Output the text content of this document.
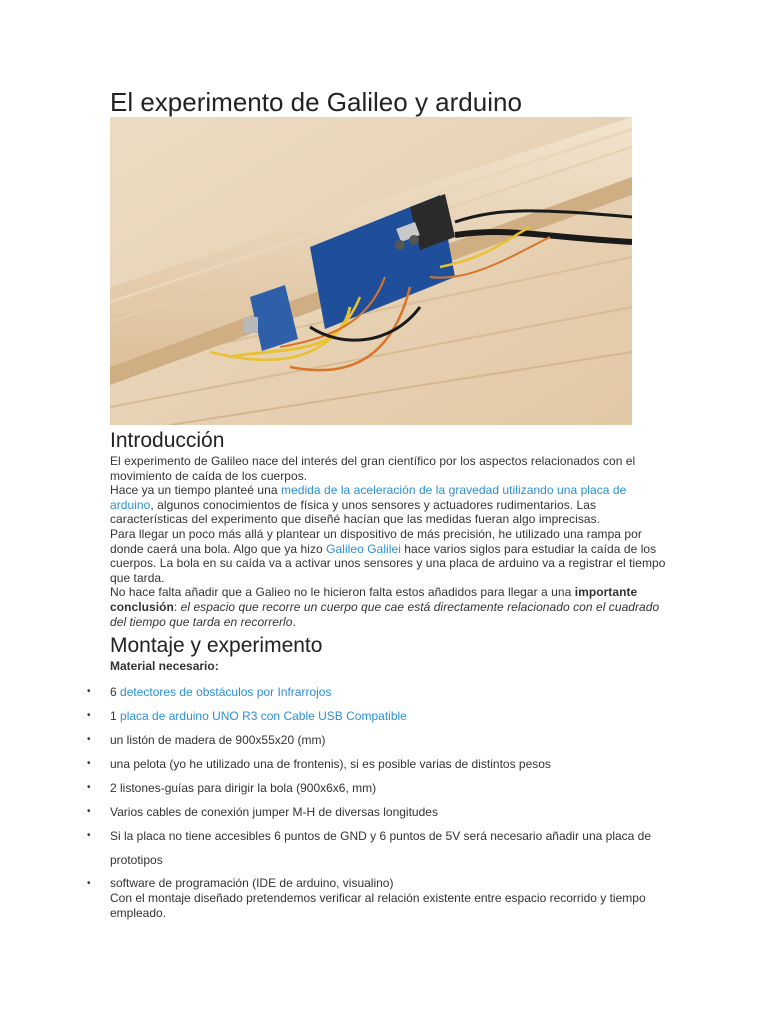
El experimento de Galileo y arduino
Introducción

El experimento de Galileo nace del interés del gran científico por los aspectos relacionados con el movimiento de caída de los cuerpos.

Hace ya un tiempo planteé una medida de la aceleración de la gravedad utilizando una placa de arduino, algunos conocimientos de física y unos sensores y actuadores rudimentarios. Las características del experimento que diseñé hacían que las medidas fueran algo imprecisas.

Para llegar un poco más allá y plantear un dispositivo de más precisión, he utilizado una rampa por donde caerá una bola. Algo que ya hizo Galileo Galilei hace varios siglos para estudiar la caída de los cuerpos. La bola en su caída va a activar unos sensores y una placa de arduino va a registrar el tiempo que tarda.

No hace falta añadir que a Galieo no le hicieron falta estos añadidos para llegar a una importante conclusión: el espacio que recorre un cuerpo que cae está directamente relacionado con el cuadrado del tiempo que tarda en recorrerlo.

Montaje y experimento
Material necesario:
• 6 detectores de obstáculos por Infrarrojos
• 1 placa de arduino UNO R3 con Cable USB Compatible
• un listón de madera de 900x55x20 (mm)
• una pelota (yo he utilizado una de frontenis), si es posible varias de distintos pesos
• 2 listones-guías para dirigir la bola (900x6x6, mm)
• Varios cables de conexión jumper M-H de diversas longitudes
• Si la placa no tiene accesibles 6 puntos de GND y 6 puntos de 5V será necesario añadir una placa de prototipos
• software de programación (IDE de arduino, visualino)
Con el montaje diseñado pretendemos verificar al relación existente entre espacio recorrido y tiempo empleado.
